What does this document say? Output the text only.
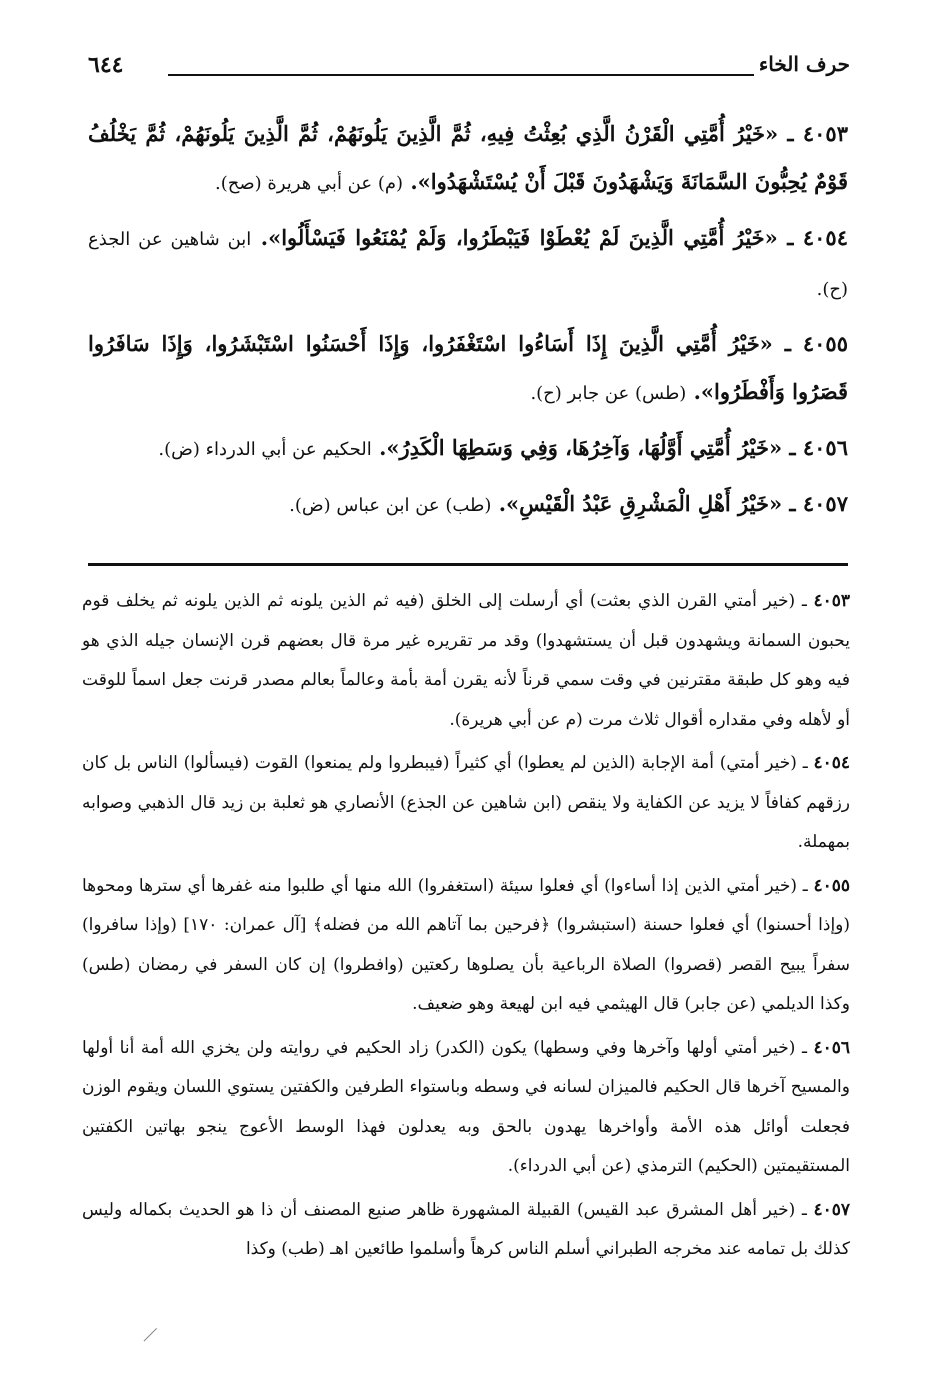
حرف الخاء
٦٤٤

٤٠٥٣ ـ «خَيْرُ أُمَّتِي الْقَرْنُ الَّذِي بُعِثْتُ فِيهِ، ثُمَّ الَّذِينَ يَلُونَهُمْ، ثُمَّ الَّذِينَ يَلُونَهُمْ، ثُمَّ يَخْلُفُ قَوْمٌ يُحِبُّونَ السَّمَانَةَ وَيَشْهَدُونَ قَبْلَ أَنْ يُسْتَشْهَدُوا». (م) عن أبي هريرة (صح).

٤٠٥٤ ـ «خَيْرُ أُمَّتِي الَّذِينَ لَمْ يُعْطَوْا فَيَبْطَرُوا، وَلَمْ يُمْنَعُوا فَيَسْأَلُوا». ابن شاهين عن الجذع (ح).

٤٠٥٥ ـ «خَيْرُ أُمَّتِي الَّذِينَ إِذَا أَسَاءُوا اسْتَغْفَرُوا، وَإِذَا أَحْسَنُوا اسْتَبْشَرُوا، وَإِذَا سَافَرُوا قَصَرُوا وَأَفْطَرُوا». (طس) عن جابر (ح).

٤٠٥٦ ـ «خَيْرُ أُمَّتِي أَوَّلُهَا، وَآخِرُهَا، وَفِي وَسَطِهَا الْكَدِرُ». الحكيم عن أبي الدرداء (ض).

٤٠٥٧ ـ «خَيْرُ أَهْلِ الْمَشْرِقِ عَبْدُ الْقَيْسِ». (طب) عن ابن عباس (ض).

٤٠٥٣ ـ (خير أمتي القرن الذي بعثت) أي أرسلت إلى الخلق (فيه ثم الذين يلونه ثم الذين يلونه ثم يخلف قوم يحبون السمانة ويشهدون قبل أن يستشهدوا) وقد مر تقريره غير مرة قال بعضهم قرن الإنسان جيله الذي هو فيه وهو كل طبقة مقترنين في وقت سمي قرناً لأنه يقرن أمة بأمة وعالماً بعالم مصدر قرنت جعل اسماً للوقت أو لأهله وفي مقداره أقوال ثلاث مرت (م عن أبي هريرة).

٤٠٥٤ ـ (خير أمتي) أمة الإجابة (الذين لم يعطوا) أي كثيراً (فيبطروا ولم يمنعوا) القوت (فيسألوا) الناس بل كان رزقهم كفافاً لا يزيد عن الكفاية ولا ينقص (ابن شاهين عن الجذع) الأنصاري هو ثعلبة بن زيد قال الذهبي وصوابه بمهملة.

٤٠٥٥ ـ (خير أمتي الذين إذا أساءوا) أي فعلوا سيئة (استغفروا) الله منها أي طلبوا منه غفرها أي سترها ومحوها (وإذا أحسنوا) أي فعلوا حسنة (استبشروا) ﴿فرحين بما آتاهم الله من فضله﴾ [آل عمران: ١٧٠] (وإذا سافروا) سفراً يبيح القصر (قصروا) الصلاة الرباعية بأن يصلوها ركعتين (وافطروا) إن كان السفر في رمضان (طس) وكذا الديلمي (عن جابر) قال الهيثمي فيه ابن لهيعة وهو ضعيف.

٤٠٥٦ ـ (خير أمتي أولها وآخرها وفي وسطها) يكون (الكدر) زاد الحكيم في روايته ولن يخزي الله أمة أنا أولها والمسيح آخرها قال الحكيم فالميزان لسانه في وسطه وباستواء الطرفين والكفتين يستوي اللسان ويقوم الوزن فجعلت أوائل هذه الأمة وأواخرها يهدون بالحق وبه يعدلون فهذا الوسط الأعوج ينجو بهاتين الكفتين المستقيمتين (الحكيم) الترمذي (عن أبي الدرداء).

٤٠٥٧ ـ (خير أهل المشرق عبد القيس) القبيلة المشهورة ظاهر صنيع المصنف أن ذا هو الحديث بكماله وليس كذلك بل تمامه عند مخرجه الطبراني أسلم الناس كرهاً وأسلموا طائعين اهـ (طب) وكذا
